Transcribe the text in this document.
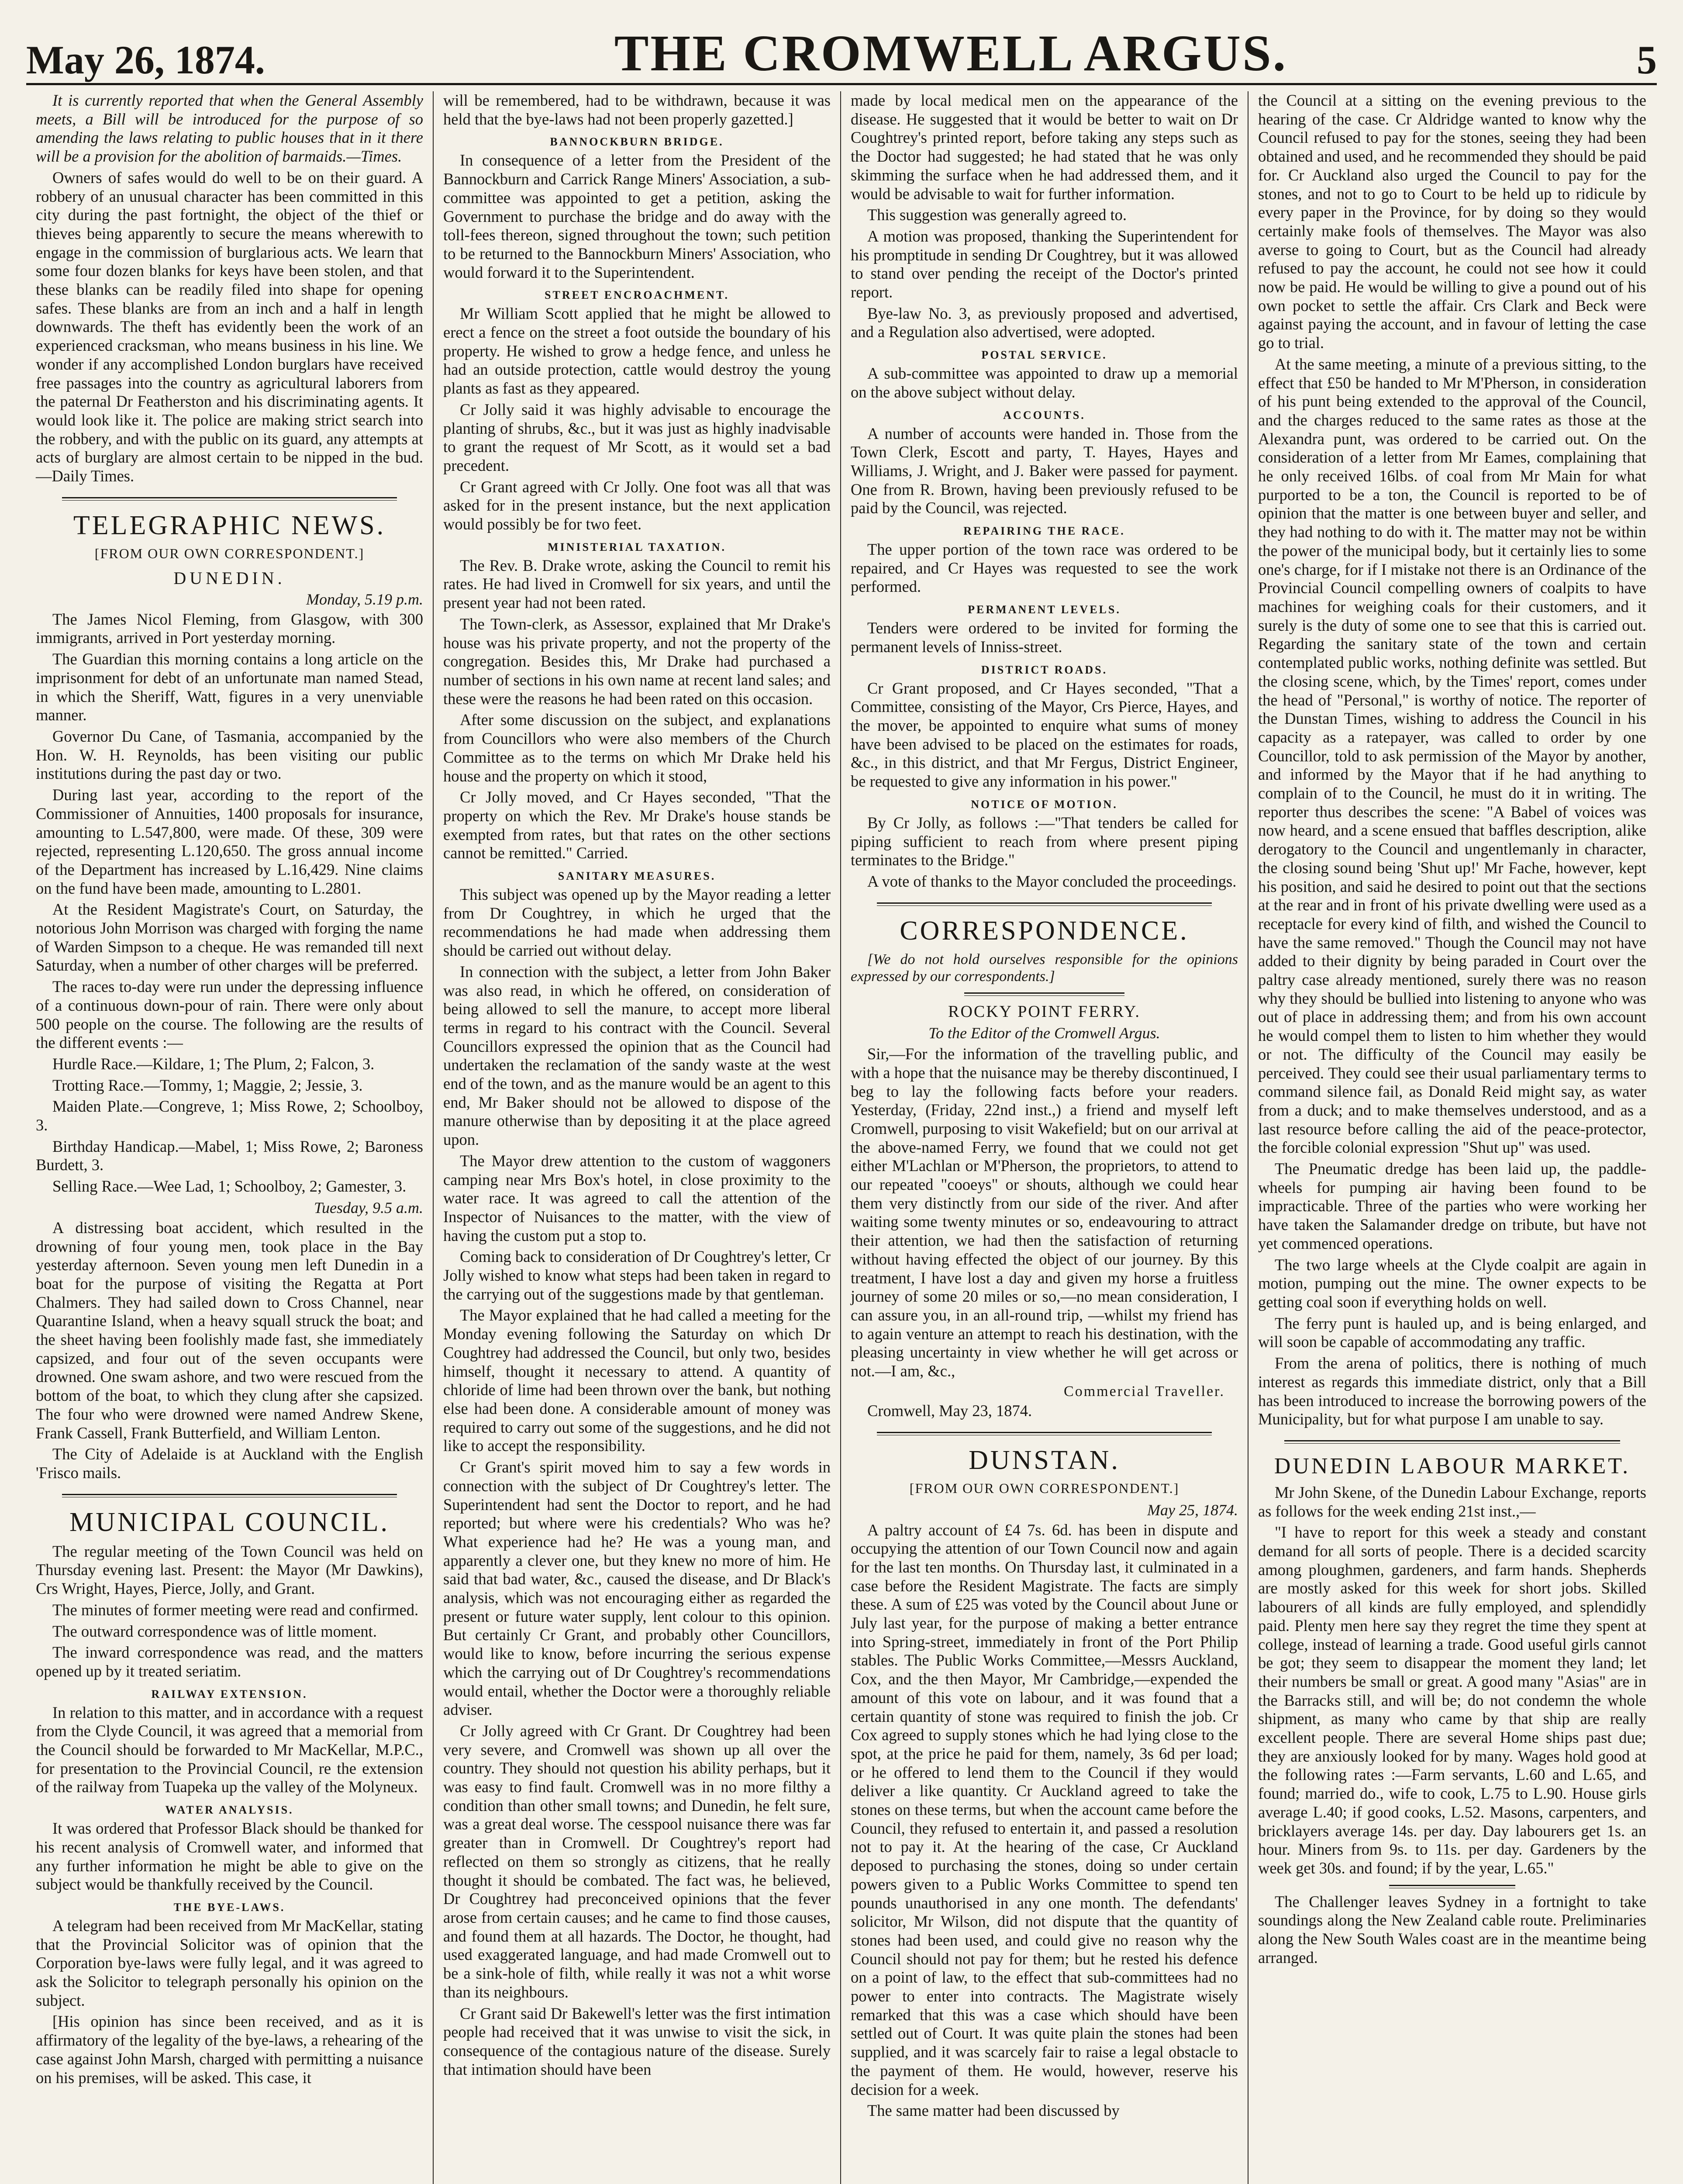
May 26, 1874.	THE CROMWELL ARGUS.	5

It is currently reported that when the General Assembly meets, a Bill will be introduced for the purpose of so amending the laws relating to public houses that in it there will be a provision for the abolition of barmaids.—Times.

Owners of safes would do well to be on their guard. A robbery of an unusual character has been committed in this city during the past fortnight, the object of the thief or thieves being apparently to secure the means wherewith to engage in the commission of burglarious acts. We learn that some four dozen blanks for keys have been stolen, and that these blanks can be readily filed into shape for opening safes. These blanks are from an inch and a half in length downwards. The theft has evidently been the work of an experienced cracksman, who means business in his line. We wonder if any accomplished London burglars have received free passages into the country as agricultural laborers from the paternal Dr Featherston and his discriminating agents. It would look like it. The police are making strict search into the robbery, and with the public on its guard, any attempts at acts of burglary are almost certain to be nipped in the bud.—Daily Times.

TELEGRAPHIC NEWS.
[FROM OUR OWN CORRESPONDENT.]
DUNEDIN.
Monday, 5.19 p.m.

The James Nicol Fleming, from Glasgow, with 300 immigrants, arrived in Port yesterday morning.

The Guardian this morning contains a long article on the imprisonment for debt of an unfortunate man named Stead, in which the Sheriff, Watt, figures in a very unenviable manner.

Governor Du Cane, of Tasmania, accompanied by the Hon. W. H. Reynolds, has been visiting our public institutions during the past day or two.

During last year, according to the report of the Commissioner of Annuities, 1400 proposals for insurance, amounting to L.547,800, were made. Of these, 309 were rejected, representing L.120,650. The gross annual income of the Department has increased by L.16,429. Nine claims on the fund have been made, amounting to L.2801.

At the Resident Magistrate's Court, on Saturday, the notorious John Morrison was charged with forging the name of Warden Simpson to a cheque. He was remanded till next Saturday, when a number of other charges will be preferred.

The races to-day were run under the depressing influence of a continuous down-pour of rain. There were only about 500 people on the course. The following are the results of the different events :—

Hurdle Race.—Kildare, 1; The Plum, 2; Falcon, 3.

Trotting Race.—Tommy, 1; Maggie, 2; Jessie, 3.

Maiden Plate.—Congreve, 1; Miss Rowe, 2; Schoolboy, 3.

Birthday Handicap.—Mabel, 1; Miss Rowe, 2; Baroness Burdett, 3.

Selling Race.—Wee Lad, 1; Schoolboy, 2; Gamester, 3.

Tuesday, 9.5 a.m.

A distressing boat accident, which resulted in the drowning of four young men, took place in the Bay yesterday afternoon. Seven young men left Dunedin in a boat for the purpose of visiting the Regatta at Port Chalmers. They had sailed down to Cross Channel, near Quarantine Island, when a heavy squall struck the boat; and the sheet having been foolishly made fast, she immediately capsized, and four out of the seven occupants were drowned. One swam ashore, and two were rescued from the bottom of the boat, to which they clung after she capsized. The four who were drowned were named Andrew Skene, Frank Cassell, Frank Butterfield, and William Lenton.

The City of Adelaide is at Auckland with the English 'Frisco mails.

MUNICIPAL COUNCIL.

The regular meeting of the Town Council was held on Thursday evening last. Present: the Mayor (Mr Dawkins), Crs Wright, Hayes, Pierce, Jolly, and Grant.

The minutes of former meeting were read and confirmed.

The outward correspondence was of little moment.

The inward correspondence was read, and the matters opened up by it treated seriatim.

RAILWAY EXTENSION.

In relation to this matter, and in accordance with a request from the Clyde Council, it was agreed that a memorial from the Council should be forwarded to Mr MacKellar, M.P.C., for presentation to the Provincial Council, re the extension of the railway from Tuapeka up the valley of the Molyneux.

WATER ANALYSIS.

It was ordered that Professor Black should be thanked for his recent analysis of Cromwell water, and informed that any further information he might be able to give on the subject would be thankfully received by the Council.

THE BYE-LAWS.

A telegram had been received from Mr MacKellar, stating that the Provincial Solicitor was of opinion that the Corporation bye-laws were fully legal, and it was agreed to ask the Solicitor to telegraph personally his opinion on the subject.

[His opinion has since been received, and as it is affirmatory of the legality of the bye-laws, a rehearing of the case against John Marsh, charged with permitting a nuisance on his premises, will be asked. This case, it

will be remembered, had to be withdrawn, because it was held that the bye-laws had not been properly gazetted.]

BANNOCKBURN BRIDGE.

In consequence of a letter from the President of the Bannockburn and Carrick Range Miners' Association, a sub-committee was appointed to get a petition, asking the Government to purchase the bridge and do away with the toll-fees thereon, signed throughout the town; such petition to be returned to the Bannockburn Miners' Association, who would forward it to the Superintendent.

STREET ENCROACHMENT.

Mr William Scott applied that he might be allowed to erect a fence on the street a foot outside the boundary of his property. He wished to grow a hedge fence, and unless he had an outside protection, cattle would destroy the young plants as fast as they appeared.

Cr Jolly said it was highly advisable to encourage the planting of shrubs, &c., but it was just as highly inadvisable to grant the request of Mr Scott, as it would set a bad precedent.

Cr Grant agreed with Cr Jolly. One foot was all that was asked for in the present instance, but the next application would possibly be for two feet.

MINISTERIAL TAXATION.

The Rev. B. Drake wrote, asking the Council to remit his rates. He had lived in Cromwell for six years, and until the present year had not been rated.

The Town-clerk, as Assessor, explained that Mr Drake's house was his private property, and not the property of the congregation. Besides this, Mr Drake had purchased a number of sections in his own name at recent land sales; and these were the reasons he had been rated on this occasion.

After some discussion on the subject, and explanations from Councillors who were also members of the Church Committee as to the terms on which Mr Drake held his house and the property on which it stood,

Cr Jolly moved, and Cr Hayes seconded, "That the property on which the Rev. Mr Drake's house stands be exempted from rates, but that rates on the other sections cannot be remitted." Carried.

SANITARY MEASURES.

This subject was opened up by the Mayor reading a letter from Dr Coughtrey, in which he urged that the recommendations he had made when addressing them should be carried out without delay.

In connection with the subject, a letter from John Baker was also read, in which he offered, on consideration of being allowed to sell the manure, to accept more liberal terms in regard to his contract with the Council. Several Councillors expressed the opinion that as the Council had undertaken the reclamation of the sandy waste at the west end of the town, and as the manure would be an agent to this end, Mr Baker should not be allowed to dispose of the manure otherwise than by depositing it at the place agreed upon.

The Mayor drew attention to the custom of waggoners camping near Mrs Box's hotel, in close proximity to the water race. It was agreed to call the attention of the Inspector of Nuisances to the matter, with the view of having the custom put a stop to.

Coming back to consideration of Dr Coughtrey's letter, Cr Jolly wished to know what steps had been taken in regard to the carrying out of the suggestions made by that gentleman.

The Mayor explained that he had called a meeting for the Monday evening following the Saturday on which Dr Coughtrey had addressed the Council, but only two, besides himself, thought it necessary to attend. A quantity of chloride of lime had been thrown over the bank, but nothing else had been done. A considerable amount of money was required to carry out some of the suggestions, and he did not like to accept the responsibility.

Cr Grant's spirit moved him to say a few words in connection with the subject of Dr Coughtrey's letter. The Superintendent had sent the Doctor to report, and he had reported; but where were his credentials? Who was he? What experience had he? He was a young man, and apparently a clever one, but they knew no more of him. He said that bad water, &c., caused the disease, and Dr Black's analysis, which was not encouraging either as regarded the present or future water supply, lent colour to this opinion. But certainly Cr Grant, and probably other Councillors, would like to know, before incurring the serious expense which the carrying out of Dr Coughtrey's recommendations would entail, whether the Doctor were a thoroughly reliable adviser.

Cr Jolly agreed with Cr Grant. Dr Coughtrey had been very severe, and Cromwell was shown up all over the country. They should not question his ability perhaps, but it was easy to find fault. Cromwell was in no more filthy a condition than other small towns; and Dunedin, he felt sure, was a great deal worse. The cesspool nuisance there was far greater than in Cromwell. Dr Coughtrey's report had reflected on them so strongly as citizens, that he really thought it should be combated. The fact was, he believed, Dr Coughtrey had preconceived opinions that the fever arose from certain causes; and he came to find those causes, and found them at all hazards. The Doctor, he thought, had used exaggerated language, and had made Cromwell out to be a sink-hole of filth, while really it was not a whit worse than its neighbours.

Cr Grant said Dr Bakewell's letter was the first intimation people had received that it was unwise to visit the sick, in consequence of the contagious nature of the disease. Surely that intimation should have been

made by local medical men on the appearance of the disease. He suggested that it would be better to wait on Dr Coughtrey's printed report, before taking any steps such as the Doctor had suggested; he had stated that he was only skimming the surface when he had addressed them, and it would be advisable to wait for further information.

This suggestion was generally agreed to.

A motion was proposed, thanking the Superintendent for his promptitude in sending Dr Coughtrey, but it was allowed to stand over pending the receipt of the Doctor's printed report.

Bye-law No. 3, as previously proposed and advertised, and a Regulation also advertised, were adopted.

POSTAL SERVICE.

A sub-committee was appointed to draw up a memorial on the above subject without delay.

ACCOUNTS.

A number of accounts were handed in. Those from the Town Clerk, Escott and party, T. Hayes, Hayes and Williams, J. Wright, and J. Baker were passed for payment. One from R. Brown, having been previously refused to be paid by the Council, was rejected.

REPAIRING THE RACE.

The upper portion of the town race was ordered to be repaired, and Cr Hayes was requested to see the work performed.

PERMANENT LEVELS.

Tenders were ordered to be invited for forming the permanent levels of Inniss-street.

DISTRICT ROADS.

Cr Grant proposed, and Cr Hayes seconded, "That a Committee, consisting of the Mayor, Crs Pierce, Hayes, and the mover, be appointed to enquire what sums of money have been advised to be placed on the estimates for roads, &c., in this district, and that Mr Fergus, District Engineer, be requested to give any information in his power."

NOTICE OF MOTION.

By Cr Jolly, as follows :—"That tenders be called for piping sufficient to reach from where present piping terminates to the Bridge."

A vote of thanks to the Mayor concluded the proceedings.

CORRESPONDENCE.

[We do not hold ourselves responsible for the opinions expressed by our correspondents.]

ROCKY POINT FERRY.
To the Editor of the Cromwell Argus.

Sir,—For the information of the travelling public, and with a hope that the nuisance may be thereby discontinued, I beg to lay the following facts before your readers. Yesterday, (Friday, 22nd inst.,) a friend and myself left Cromwell, purposing to visit Wakefield; but on our arrival at the above-named Ferry, we found that we could not get either M'Lachlan or M'Pherson, the proprietors, to attend to our repeated "cooeys" or shouts, although we could hear them very distinctly from our side of the river. And after waiting some twenty minutes or so, endeavouring to attract their attention, we had then the satisfaction of returning without having effected the object of our journey. By this treatment, I have lost a day and given my horse a fruitless journey of some 20 miles or so,—no mean consideration, I can assure you, in an all-round trip, —whilst my friend has to again venture an attempt to reach his destination, with the pleasing uncertainty in view whether he will get across or not.—I am, &c.,

Commercial Traveller.

Cromwell, May 23, 1874.

DUNSTAN.
[FROM OUR OWN CORRESPONDENT.]
May 25, 1874.

A paltry account of £4 7s. 6d. has been in dispute and occupying the attention of our Town Council now and again for the last ten months. On Thursday last, it culminated in a case before the Resident Magistrate. The facts are simply these. A sum of £25 was voted by the Council about June or July last year, for the purpose of making a better entrance into Spring-street, immediately in front of the Port Philip stables. The Public Works Committee,—Messrs Auckland, Cox, and the then Mayor, Mr Cambridge,—expended the amount of this vote on labour, and it was found that a certain quantity of stone was required to finish the job. Cr Cox agreed to supply stones which he had lying close to the spot, at the price he paid for them, namely, 3s 6d per load; or he offered to lend them to the Council if they would deliver a like quantity. Cr Auckland agreed to take the stones on these terms, but when the account came before the Council, they refused to entertain it, and passed a resolution not to pay it. At the hearing of the case, Cr Auckland deposed to purchasing the stones, doing so under certain powers given to a Public Works Committee to spend ten pounds unauthorised in any one month. The defendants' solicitor, Mr Wilson, did not dispute that the quantity of stones had been used, and could give no reason why the Council should not pay for them; but he rested his defence on a point of law, to the effect that sub-committees had no power to enter into contracts. The Magistrate wisely remarked that this was a case which should have been settled out of Court. It was quite plain the stones had been supplied, and it was scarcely fair to raise a legal obstacle to the payment of them. He would, however, reserve his decision for a week.

The same matter had been discussed by

the Council at a sitting on the evening previous to the hearing of the case. Cr Aldridge wanted to know why the Council refused to pay for the stones, seeing they had been obtained and used, and he recommended they should be paid for. Cr Auckland also urged the Council to pay for the stones, and not to go to Court to be held up to ridicule by every paper in the Province, for by doing so they would certainly make fools of themselves. The Mayor was also averse to going to Court, but as the Council had already refused to pay the account, he could not see how it could now be paid. He would be willing to give a pound out of his own pocket to settle the affair. Crs Clark and Beck were against paying the account, and in favour of letting the case go to trial.

At the same meeting, a minute of a previous sitting, to the effect that £50 be handed to Mr M'Pherson, in consideration of his punt being extended to the approval of the Council, and the charges reduced to the same rates as those at the Alexandra punt, was ordered to be carried out. On the consideration of a letter from Mr Eames, complaining that he only received 16lbs. of coal from Mr Main for what purported to be a ton, the Council is reported to be of opinion that the matter is one between buyer and seller, and they had nothing to do with it. The matter may not be within the power of the municipal body, but it certainly lies to some one's charge, for if I mistake not there is an Ordinance of the Provincial Council compelling owners of coalpits to have machines for weighing coals for their customers, and it surely is the duty of some one to see that this is carried out. Regarding the sanitary state of the town and certain contemplated public works, nothing definite was settled. But the closing scene, which, by the Times' report, comes under the head of "Personal," is worthy of notice. The reporter of the Dunstan Times, wishing to address the Council in his capacity as a ratepayer, was called to order by one Councillor, told to ask permission of the Mayor by another, and informed by the Mayor that if he had anything to complain of to the Council, he must do it in writing. The reporter thus describes the scene: "A Babel of voices was now heard, and a scene ensued that baffles description, alike derogatory to the Council and ungentlemanly in character, the closing sound being 'Shut up!' Mr Fache, however, kept his position, and said he desired to point out that the sections at the rear and in front of his private dwelling were used as a receptacle for every kind of filth, and wished the Council to have the same removed." Though the Council may not have added to their dignity by being paraded in Court over the paltry case already mentioned, surely there was no reason why they should be bullied into listening to anyone who was out of place in addressing them; and from his own account he would compel them to listen to him whether they would or not. The difficulty of the Council may easily be perceived. They could see their usual parliamentary terms to command silence fail, as Donald Reid might say, as water from a duck; and to make themselves understood, and as a last resource before calling the aid of the peace-protector, the forcible colonial expression "Shut up" was used.

The Pneumatic dredge has been laid up, the paddle-wheels for pumping air having been found to be impracticable. Three of the parties who were working her have taken the Salamander dredge on tribute, but have not yet commenced operations.

The two large wheels at the Clyde coalpit are again in motion, pumping out the mine. The owner expects to be getting coal soon if everything holds on well.

The ferry punt is hauled up, and is being enlarged, and will soon be capable of accommodating any traffic.

From the arena of politics, there is nothing of much interest as regards this immediate district, only that a Bill has been introduced to increase the borrowing powers of the Municipality, but for what purpose I am unable to say.

DUNEDIN LABOUR MARKET.

Mr John Skene, of the Dunedin Labour Exchange, reports as follows for the week ending 21st inst.,—

"I have to report for this week a steady and constant demand for all sorts of people. There is a decided scarcity among ploughmen, gardeners, and farm hands. Shepherds are mostly asked for this week for short jobs. Skilled labourers of all kinds are fully employed, and splendidly paid. Plenty men here say they regret the time they spent at college, instead of learning a trade. Good useful girls cannot be got; they seem to disappear the moment they land; let their numbers be small or great. A good many "Asias" are in the Barracks still, and will be; do not condemn the whole shipment, as many who came by that ship are really excellent people. There are several Home ships past due; they are anxiously looked for by many. Wages hold good at the following rates :—Farm servants, L.60 and L.65, and found; married do., wife to cook, L.75 to L.90. House girls average L.40; if good cooks, L.52. Masons, carpenters, and bricklayers average 14s. per day. Day labourers get 1s. an hour. Miners from 9s. to 11s. per day. Gardeners by the week get 30s. and found; if by the year, L.65."

The Challenger leaves Sydney in a fortnight to take soundings along the New Zealand cable route. Preliminaries along the New South Wales coast are in the meantime being arranged.
